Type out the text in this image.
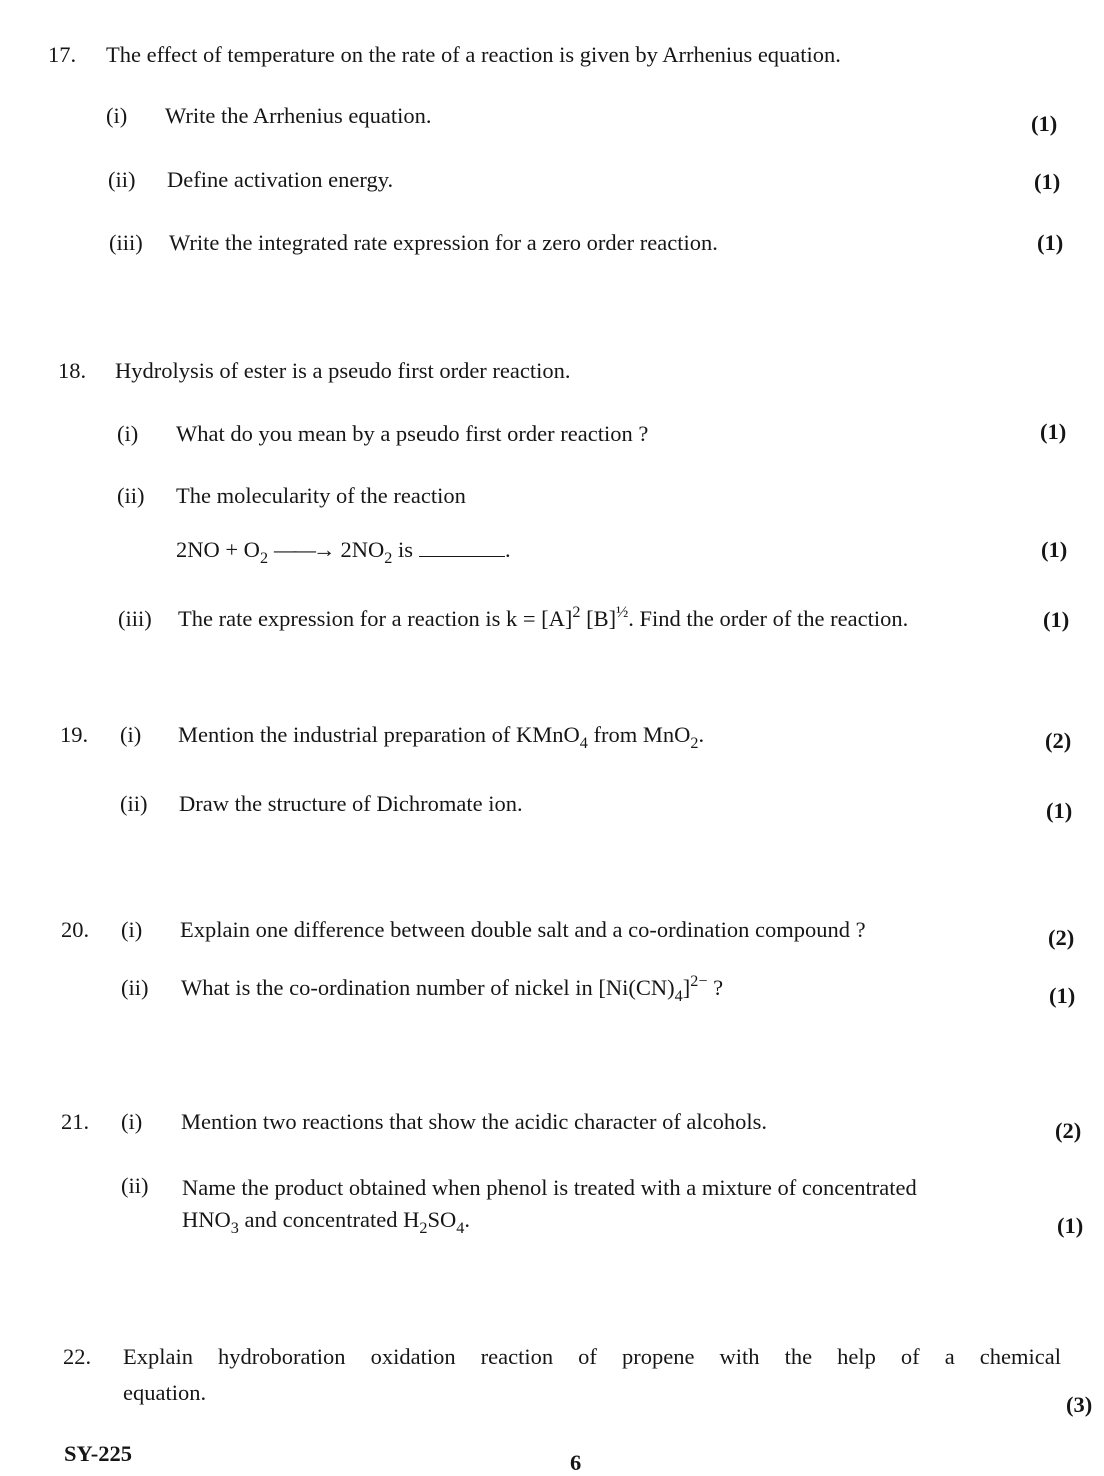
17. The effect of temperature on the rate of a reaction is given by Arrhenius equation.
(i) Write the Arrhenius equation.	(1)
(ii) Define activation energy.	(1)
(iii) Write the integrated rate expression for a zero order reaction.	(1)
18. Hydrolysis of ester is a pseudo first order reaction.
(i) What do you mean by a pseudo first order reaction ?	(1)
(ii) The molecularity of the reaction
$2NO + O_2$ ——→ $2NO_2$ is	.	(1)
(iii) The rate expression for a reaction is $k = [A]^2$ $[B]^{\frac{1}{2}}$. Find the order of the reaction.	(1)
19. (i) Mention the industrial preparation of KMnO$_4$ from MnO$_2$.	(2)
(ii) Draw the structure of Dichromate ion.	(1)
20. (i) Explain one difference between double salt and a co-ordination compound ?	(2)
(ii) What is the co-ordination number of nickel in $[Ni(CN)_4]^{2-}$ ?	(1)
21. (i) Mention two reactions that show the acidic character of alcohols.	(2)
(ii) Name the product obtained when phenol is treated with a mixture of concentrated
$HNO_3$ and concentrated $H_2SO_4$.	(1)
22. Explain hydroboration oxidation reaction of propene with the help of a chemical
equation.	(3)
SY-225	6
